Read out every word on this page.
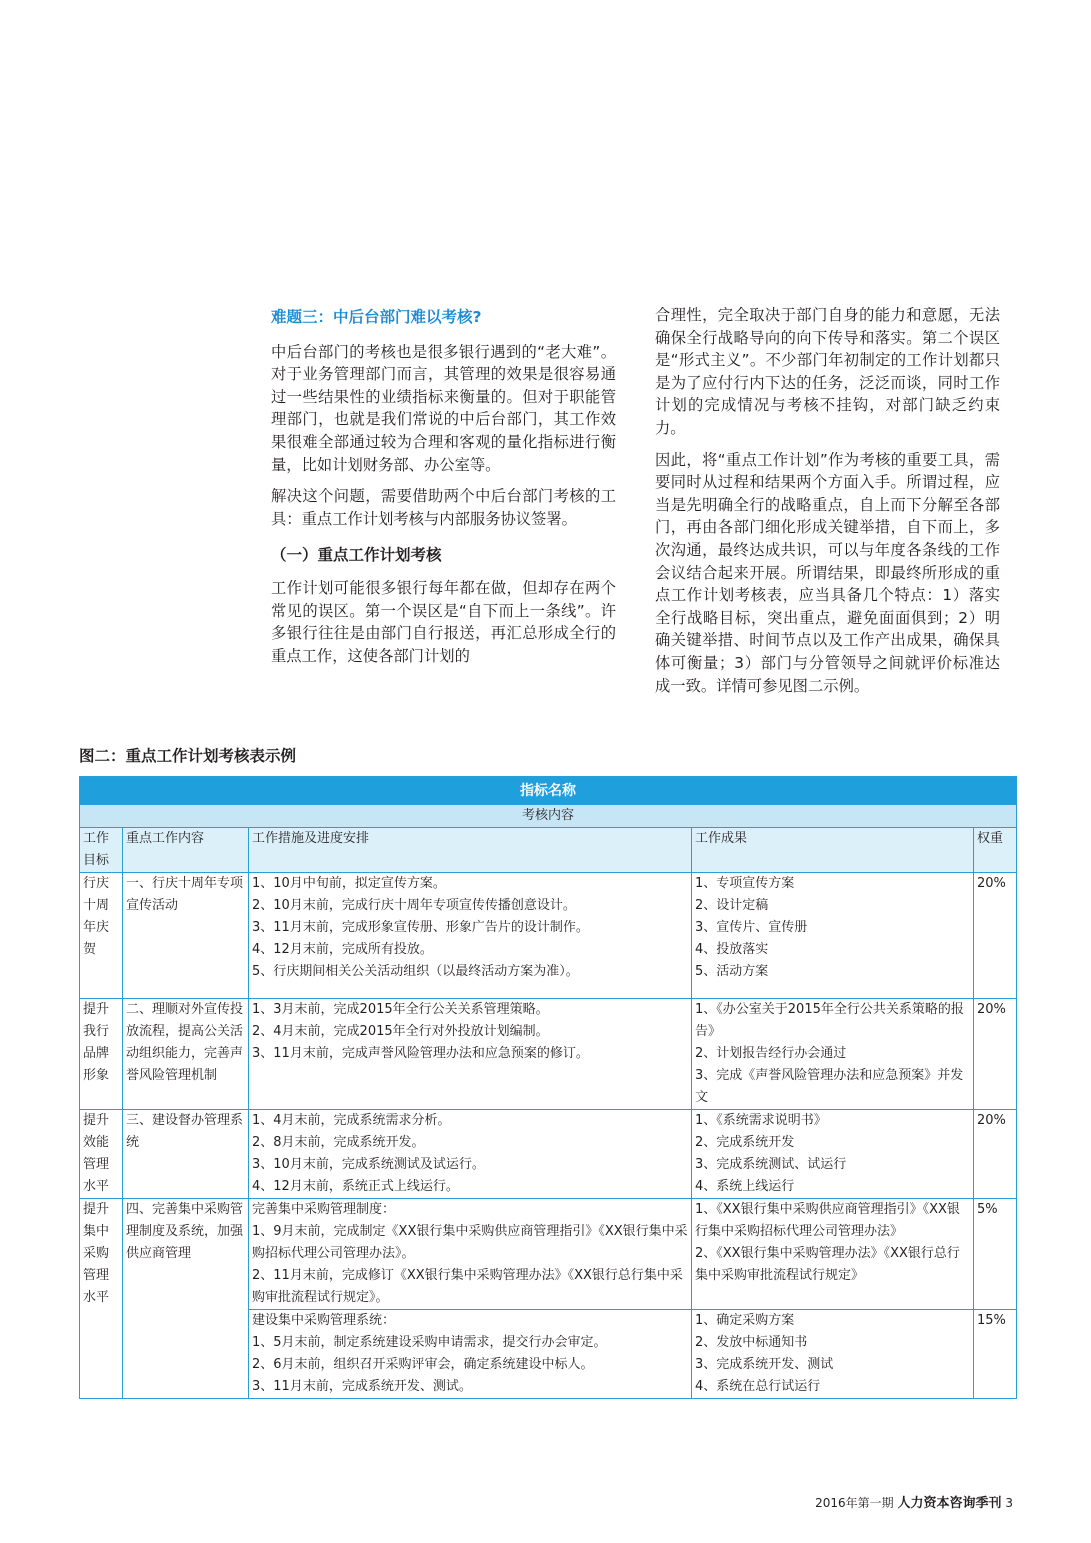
难题三：中后台部门难以考核?

中后台部门的考核也是很多银行遇到的“老大难”。对于业务管理部门而言，其管理的效果是很容易通过一些结果性的业绩指标来衡量的。但对于职能管理部门，也就是我们常说的中后台部门，其工作效果很难全部通过较为合理和客观的量化指标进行衡量，比如计划财务部、办公室等。

解决这个问题，需要借助两个中后台部门考核的工具：重点工作计划考核与内部服务协议签署。

（一）重点工作计划考核

工作计划可能很多银行每年都在做，但却存在两个常见的误区。第一个误区是“自下而上一条线”。许多银行往往是由部门自行报送，再汇总形成全行的重点工作，这使各部门计划的

合理性，完全取决于部门自身的能力和意愿，无法确保全行战略导向的向下传导和落实。第二个误区是“形式主义”。不少部门年初制定的工作计划都只是为了应付行内下达的任务，泛泛而谈，同时工作计划的完成情况与考核不挂钩，对部门缺乏约束力。

因此，将“重点工作计划”作为考核的重要工具，需要同时从过程和结果两个方面入手。所谓过程，应当是先明确全行的战略重点，自上而下分解至各部门，再由各部门细化形成关键举措，自下而上，多次沟通，最终达成共识，可以与年度各条线的工作会议结合起来开展。所谓结果，即最终所形成的重点工作计划考核表，应当具备几个特点：1）落实全行战略目标，突出重点，避免面面俱到；2）明确关键举措、时间节点以及工作产出成果，确保具体可衡量；3）部门与分管领导之间就评价标准达成一致。详情可参见图二示例。

图二：重点工作计划考核表示例
指标名称				
考核内容				
工作目标	重点工作内容	工作措施及进度安排	工作成果	权重
行庆十周年庆贺	一、行庆十周年专项宣传活动	1、10月中旬前，拟定宣传方案。
2、10月末前，完成行庆十周年专项宣传传播创意设计。
3、11月末前，完成形象宣传册、形象广告片的设计制作。
4、12月末前，完成所有投放。
5、行庆期间相关公关活动组织（以最终活动方案为准）。	1、专项宣传方案
2、设计定稿
3、宣传片、宣传册
4、投放落实
5、活动方案	20%
提升我行品牌形象	二、理顺对外宣传投放流程，提高公关活动组织能力，完善声誉风险管理机制	1、3月末前，完成2015年全行公关关系管理策略。
2、4月末前，完成2015年全行对外投放计划编制。
3、11月末前，完成声誉风险管理办法和应急预案的修订。	1、《办公室关于2015年全行公共关系策略的报告》
2、计划报告经行办会通过
3、完成《声誉风险管理办法和应急预案》并发文	20%
提升效能管理水平	三、建设督办管理系统	1、4月末前，完成系统需求分析。
2、8月末前，完成系统开发。
3、10月末前，完成系统测试及试运行。
4、12月末前，系统正式上线运行。	1、《系统需求说明书》
2、完成系统开发
3、完成系统测试、试运行
4、系统上线运行	20%
提升集中采购管理水平	四、完善集中采购管理制度及系统，加强供应商管理	完善集中采购管理制度：
1、9月末前，完成制定《XX银行集中采购供应商管理指引》《XX银行集中采购招标代理公司管理办法》。
2、11月末前，完成修订《XX银行集中采购管理办法》《XX银行总行集中采购审批流程试行规定》。	1、《XX银行集中采购供应商管理指引》《XX银行集中采购招标代理公司管理办法》
2、《XX银行集中采购管理办法》《XX银行总行集中采购审批流程试行规定》	5%

		建设集中采购管理系统：
1、5月末前，制定系统建设采购申请需求，提交行办会审定。
2、6月末前，组织召开采购评审会，确定系统建设中标人。
3、11月末前，完成系统开发、测试。	1、确定采购方案
2、发放中标通知书
3、完成系统开发、测试
4、系统在总行试运行	15%
2016年第一期 人力资本咨询季刊 3
